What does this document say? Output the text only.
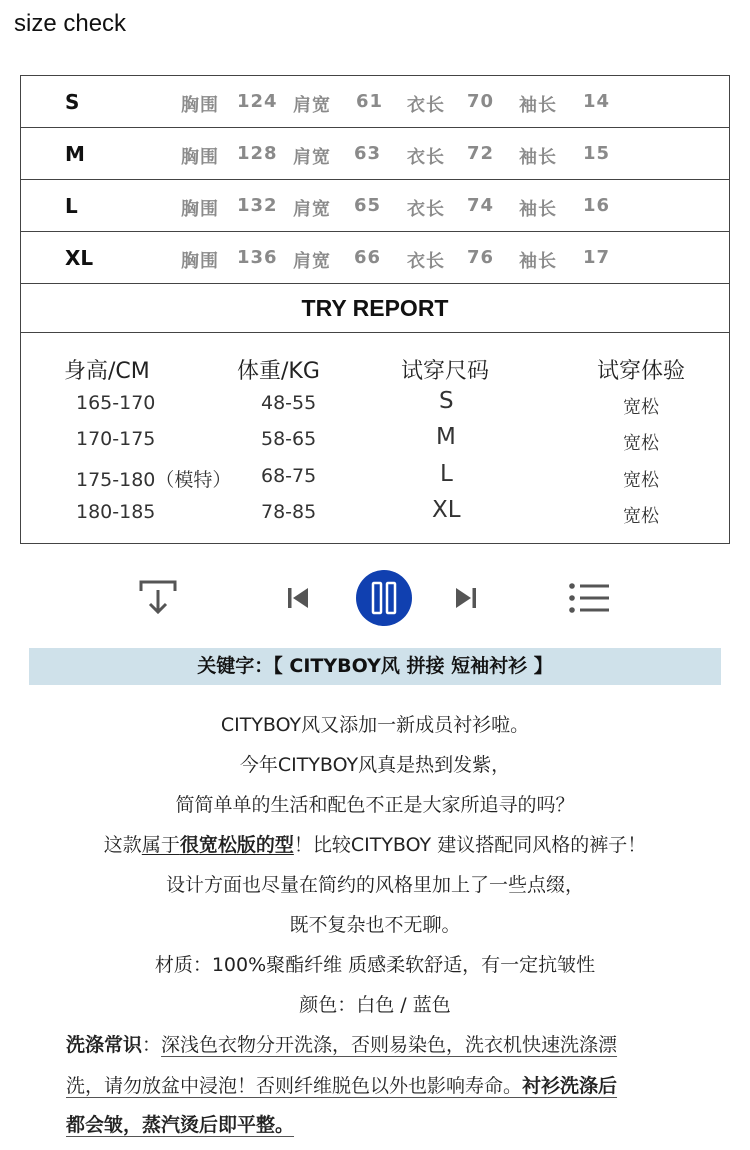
size check
S	胸围 124 肩宽 61 衣长 70 袖长 14
M	胸围 128 肩宽 63 衣长 72 袖长 15
L	胸围 132 肩宽 65 衣长 74 袖长 16
XL	胸围 136 肩宽 66 衣长 76 袖长 17
TRY REPORT
身高/CM	体重/KG	试穿尺码	试穿体验
165-170	48-55	S	宽松
170-175	58-65	M	宽松
175-180（模特） 68-75	L	宽松
180-185	78-85	XL	宽松
关键字：【 CITYBOY风 拼接 短袖衬衫 】
CITYBOY风又添加一新成员衬衫啦。
今年CITYBOY风真是热到发紫，
简简单单的生活和配色不正是大家所追寻的吗？
这款属于很宽松版的型！比较CITYBOY 建议搭配同风格的裤子！
设计方面也尽量在简约的风格里加上了一些点缀，
既不复杂也不无聊。
材质：100%聚酯纤维 质感柔软舒适，有一定抗皱性
颜色：白色 / 蓝色
洗涤常识：深浅色衣物分开洗涤，否则易染色，洗衣机快速洗涤漂
洗，请勿放盆中浸泡！否则纤维脱色以外也影响寿命。衬衫洗涤后
都会皱，蒸汽烫后即平整。
